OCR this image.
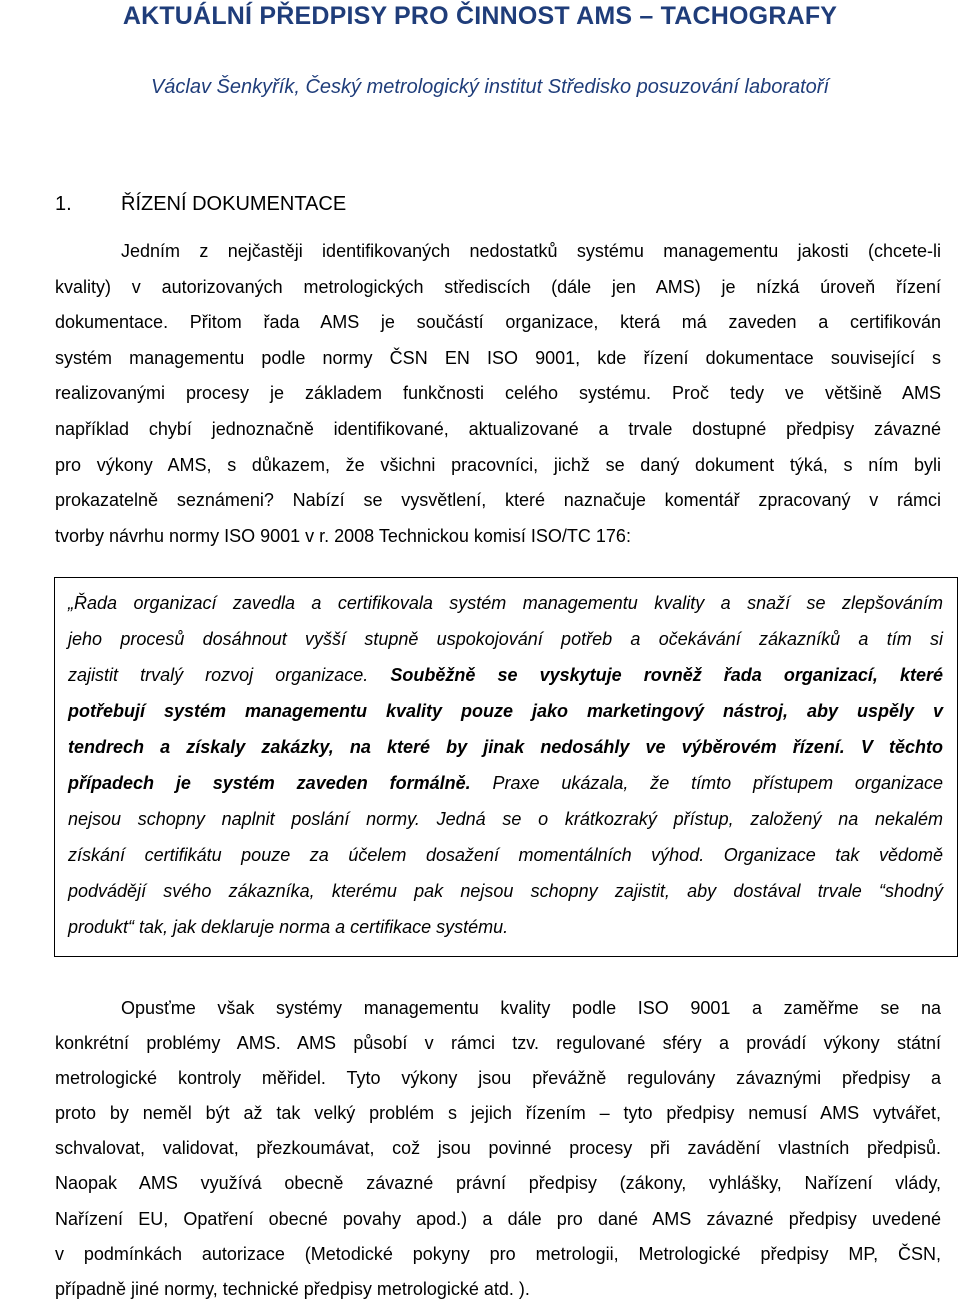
AKTUÁLNÍ PŘEDPISY PRO ČINNOST AMS – TACHOGRAFY
Václav Šenkyřík, Český metrologický institut Středisko posuzování laboratoří
1. ŘÍZENÍ DOKUMENTACE
Jedním z nejčastěji identifikovaných nedostatků systému managementu jakosti (chcete-li
kvality) v autorizovaných metrologických střediscích (dále jen AMS) je nízká úroveň řízení
dokumentace. Přitom řada AMS je součástí organizace, která má zaveden a certifikován
systém managementu podle normy ČSN EN ISO 9001, kde řízení dokumentace související s
realizovanými procesy je základem funkčnosti celého systému. Proč tedy ve většině AMS
například chybí jednoznačně identifikované, aktualizované a trvale dostupné předpisy závazné
pro výkony AMS, s důkazem, že všichni pracovníci, jichž se daný dokument týká, s ním byli
prokazatelně seznámeni? Nabízí se vysvětlení, které naznačuje komentář zpracovaný v rámci
tvorby návrhu normy ISO 9001 v r. 2008 Technickou komisí ISO/TC 176:
„Řada organizací zavedla a certifikovala systém managementu kvality a snaží se zlepšováním
jeho procesů dosáhnout vyšší stupně uspokojování potřeb a očekávání zákazníků a tím si
zajistit trvalý rozvoj organizace. Souběžně se vyskytuje rovněž řada organizací, které
potřebují systém managementu kvality pouze jako marketingový nástroj, aby uspěly v
tendrech a získaly zakázky, na které by jinak nedosáhly ve výběrovém řízení. V těchto
případech je systém zaveden formálně. Praxe ukázala, že tímto přístupem organizace
nejsou schopny naplnit poslání normy. Jedná se o krátkozraký přístup, založený na nekalém
získání certifikátu pouze za účelem dosažení momentálních výhod. Organizace tak vědomě
podvádějí svého zákazníka, kterému pak nejsou schopny zajistit, aby dostával trvale “shodný
produkt“ tak, jak deklaruje norma a certifikace systému.
Opusťme však systémy managementu kvality podle ISO 9001 a zaměřme se na
konkrétní problémy AMS. AMS působí v rámci tzv. regulované sféry a provádí výkony státní
metrologické kontroly měřidel. Tyto výkony jsou převážně regulovány závaznými předpisy a
proto by neměl být až tak velký problém s jejich řízením – tyto předpisy nemusí AMS vytvářet,
schvalovat, validovat, přezkoumávat, což jsou povinné procesy při zavádění vlastních předpisů.
Naopak AMS využívá obecně závazné právní předpisy (zákony, vyhlášky, Nařízení vlády,
Nařízení EU, Opatření obecné povahy apod.) a dále pro dané AMS závazné předpisy uvedené
v podmínkách autorizace (Metodické pokyny pro metrologii, Metrologické předpisy MP, ČSN,
případně jiné normy, technické předpisy metrologické atd. ).
